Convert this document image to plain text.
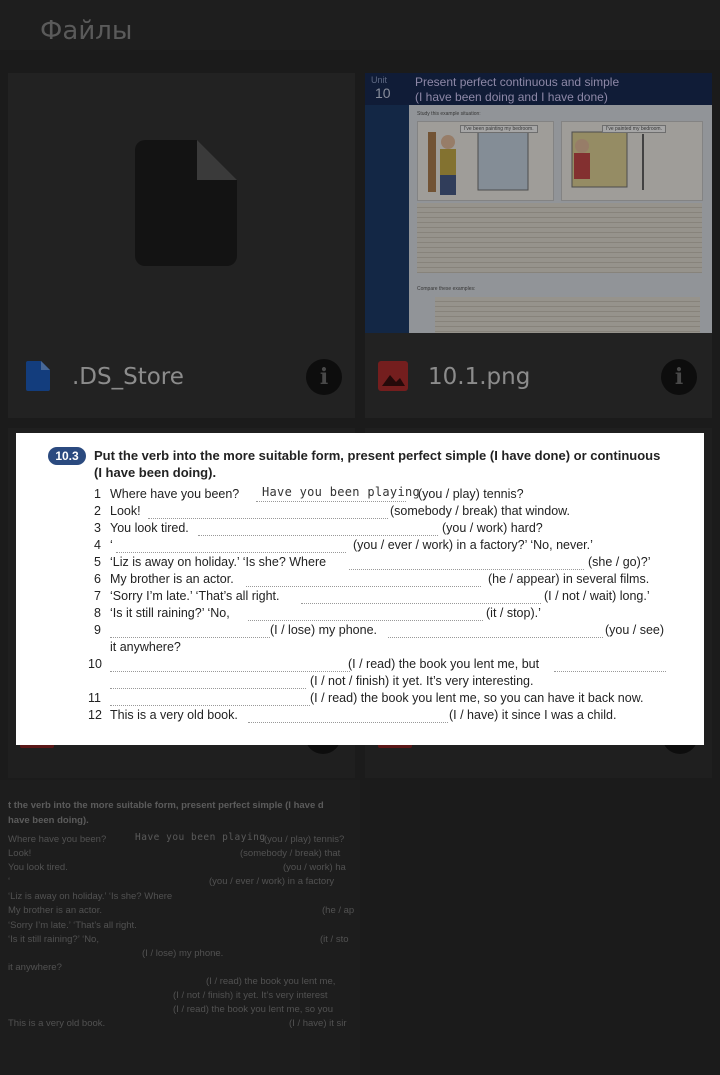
Файлы
.DS_Store	i	10.1.png	i
Unit
10
Present perfect continuous and simple
(I have been doing and I have done)
Study this example situation:
I've been painting my bedroom.	I've painted my bedroom.
Compare these examples:
t the verb into the more suitable form, present perfect simple (I have d
have been doing).
Where have you been?	Have you been playing
(you / play) tennis?
Look!	(somebody / break) that
You look tired.	(you / work) ha
‘	(you / ever / work) in a factory
‘Liz is away on holiday.’ ‘Is she? Where
My brother is an actor.	(he / ap
‘Sorry I’m late.’ ‘That’s all right.
‘Is it still raining?’ ‘No,	(it / sto
(I / lose) my phone.
it anywhere?
(I / read) the book you lent me,
(I / not / finish) it yet. It’s very interest
(I / read) the book you lent me, so you
This is a very old book.	(I / have) it sir
10.3	Put the verb into the more suitable form, present perfect simple (I have done) or continuous
(I have been doing).
1 Where have you been? Have you been playing
(you / play) tennis?
2 Look!	(somebody / break) that window.
3 You look tired.	(you / work) hard?
4 ‘	(you / ever / work) in a factory?’ ‘No, never.’
5 ‘Liz is away on holiday.’ ‘Is she? Where	(she / go)?’
6 My brother is an actor.	(he / appear) in several films.
7 ‘Sorry I’m late.’ ‘That’s all right.	(I / not / wait) long.’
8 ‘Is it still raining?’ ‘No,	(it / stop).’
9	(I / lose) my phone.	(you / see)
it anywhere?
10	(I / read) the book you lent me, but
(I / not / finish) it yet. It’s very interesting.
11	(I / read) the book you lent me, so you can have it back now.
12 This is a very old book.	(I / have) it since I was a child.
